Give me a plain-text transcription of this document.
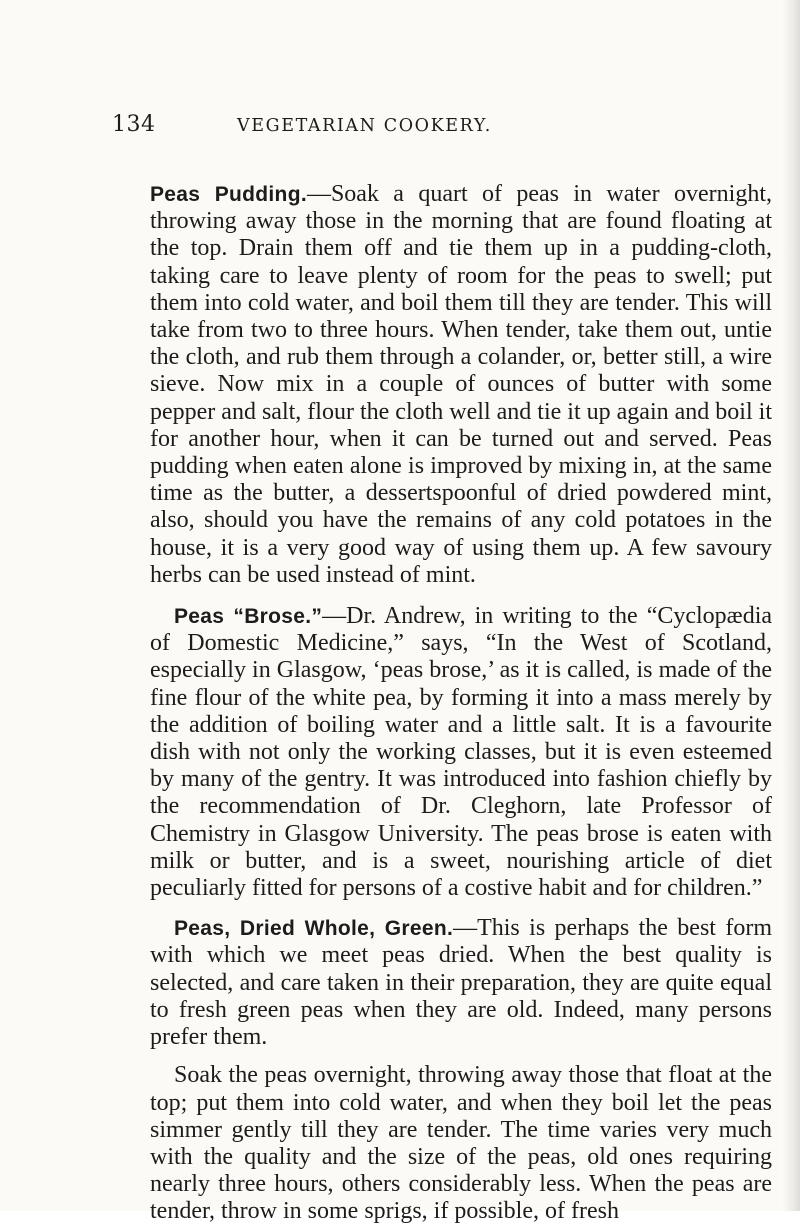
134	VEGETARIAN COOKERY.

Peas Pudding.—Soak a quart of peas in water overnight, throwing away those in the morning that are found floating at the top. Drain them off and tie them up in a pudding-cloth, taking care to leave plenty of room for the peas to swell; put them into cold water, and boil them till they are tender. This will take from two to three hours. When tender, take them out, untie the cloth, and rub them through a colander, or, better still, a wire sieve. Now mix in a couple of ounces of butter with some pepper and salt, flour the cloth well and tie it up again and boil it for another hour, when it can be turned out and served. Peas pudding when eaten alone is improved by mixing in, at the same time as the butter, a dessertspoonful of dried powdered mint, also, should you have the remains of any cold potatoes in the house, it is a very good way of using them up. A few savoury herbs can be used instead of mint.

 Peas “Brose.”—Dr. Andrew, in writing to the “Cyclopædia of Domestic Medicine,” says, “In the West of Scotland, especially in Glasgow, ‘peas brose,’ as it is called, is made of the fine flour of the white pea, by forming it into a mass merely by the addition of boiling water and a little salt. It is a favourite dish with not only the working classes, but it is even esteemed by many of the gentry. It was introduced into fashion chiefly by the recommendation of Dr. Cleghorn, late Professor of Chemistry in Glasgow University. The peas brose is eaten with milk or butter, and is a sweet, nourishing article of diet peculiarly fitted for persons of a costive habit and for children.”

 Peas, Dried Whole, Green.—This is perhaps the best form with which we meet peas dried. When the best quality is selected, and care taken in their preparation, they are quite equal to fresh green peas when they are old. Indeed, many persons prefer them.

 Soak the peas overnight, throwing away those that float at the top; put them into cold water, and when they boil let the peas simmer gently till they are tender. The time varies very much with the quality and the size of the peas, old ones requiring nearly three hours, others considerably less. When the peas are tender, throw in some sprigs, if possible, of fresh
